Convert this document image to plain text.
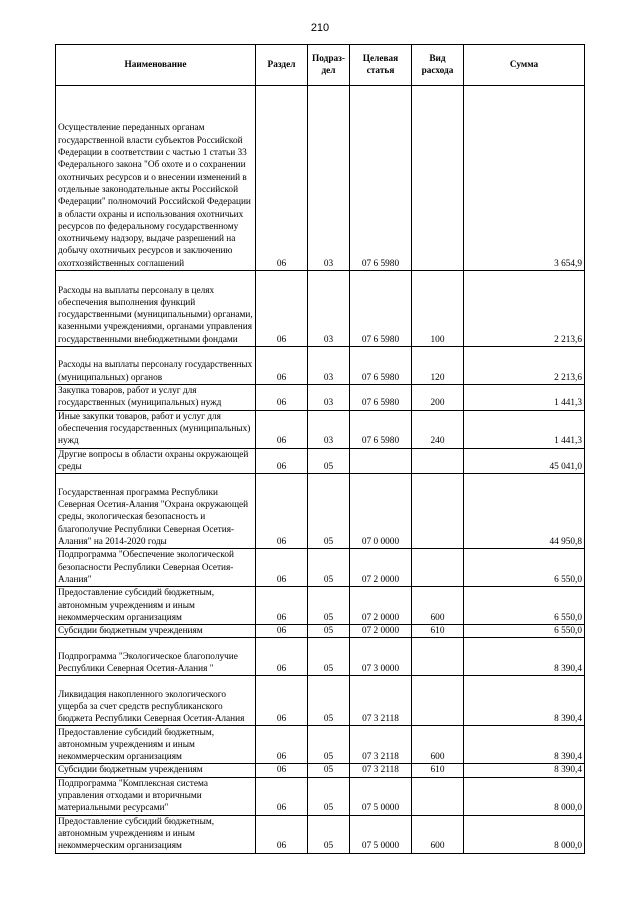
210
Наименование	Раздел	Подраз-дел	Целевая статья	Вид расхода	Сумма
Осуществление переданных органам государственной власти субъектов Российской Федерации в соответствии с частью 1 статьи 33 Федерального закона "Об охоте и о сохранении охотничьих ресурсов и о внесении изменений в отдельные законодательные акты Российской Федерации" полномочий Российской Федерации в области охраны и использования охотничьих ресурсов по федеральному государственному охотничьему надзору, выдаче разрешений на добычу охотничьих ресурсов и заключению охотхозяйственных соглашений	06	03	07 6 5980		3 654,9
Расходы на выплаты персоналу в целях обеспечения выполнения функций государственными (муниципальными) органами, казенными учреждениями, органами управления государственными внебюджетными фондами	06	03	07 6 5980	100	2 213,6
Расходы на выплаты персоналу государственных (муниципальных) органов	06	03	07 6 5980	120	2 213,6
Закупка товаров, работ и услуг для государственных (муниципальных) нужд	06	03	07 6 5980	200	1 441,3
Иные закупки товаров, работ и услуг для обеспечения государственных (муниципальных) нужд	06	03	07 6 5980	240	1 441,3
Другие вопросы в области охраны окружающей среды	06	05			45 041,0
Государственная программа Республики Северная Осетия-Алания "Охрана окружающей среды, экологическая безопасность и благополучие Республики Северная Осетия-Алания" на 2014-2020 годы	06	05	07 0 0000		44 950,8
Подпрограмма "Обеспечение экологической безопасности Республики Северная Осетия-Алания"	06	05	07 2 0000		6 550,0
Предоставление субсидий бюджетным, автономным учреждениям и иным некоммерческим организациям	06	05	07 2 0000	600	6 550,0
Субсидии бюджетным учреждениям	06	05	07 2 0000	610	6 550,0
Подпрограмма "Экологическое благополучие Республики Северная Осетия-Алания "	06	05	07 3 0000		8 390,4
Ликвидация накопленного экологического ущерба за счет средств республиканского бюджета Республики Северная Осетия-Алания	06	05	07 3 2118		8 390,4
Предоставление субсидий бюджетным, автономным учреждениям и иным некоммерческим организациям	06	05	07 3 2118	600	8 390,4
Субсидии бюджетным учреждениям	06	05	07 3 2118	610	8 390,4
Подпрограмма "Комплексная система управления отходами и вторичными материальными ресурсами"	06	05	07 5 0000		8 000,0
Предоставление субсидий бюджетным, автономным учреждениям и иным некоммерческим организациям	06	05	07 5 0000	600	8 000,0
